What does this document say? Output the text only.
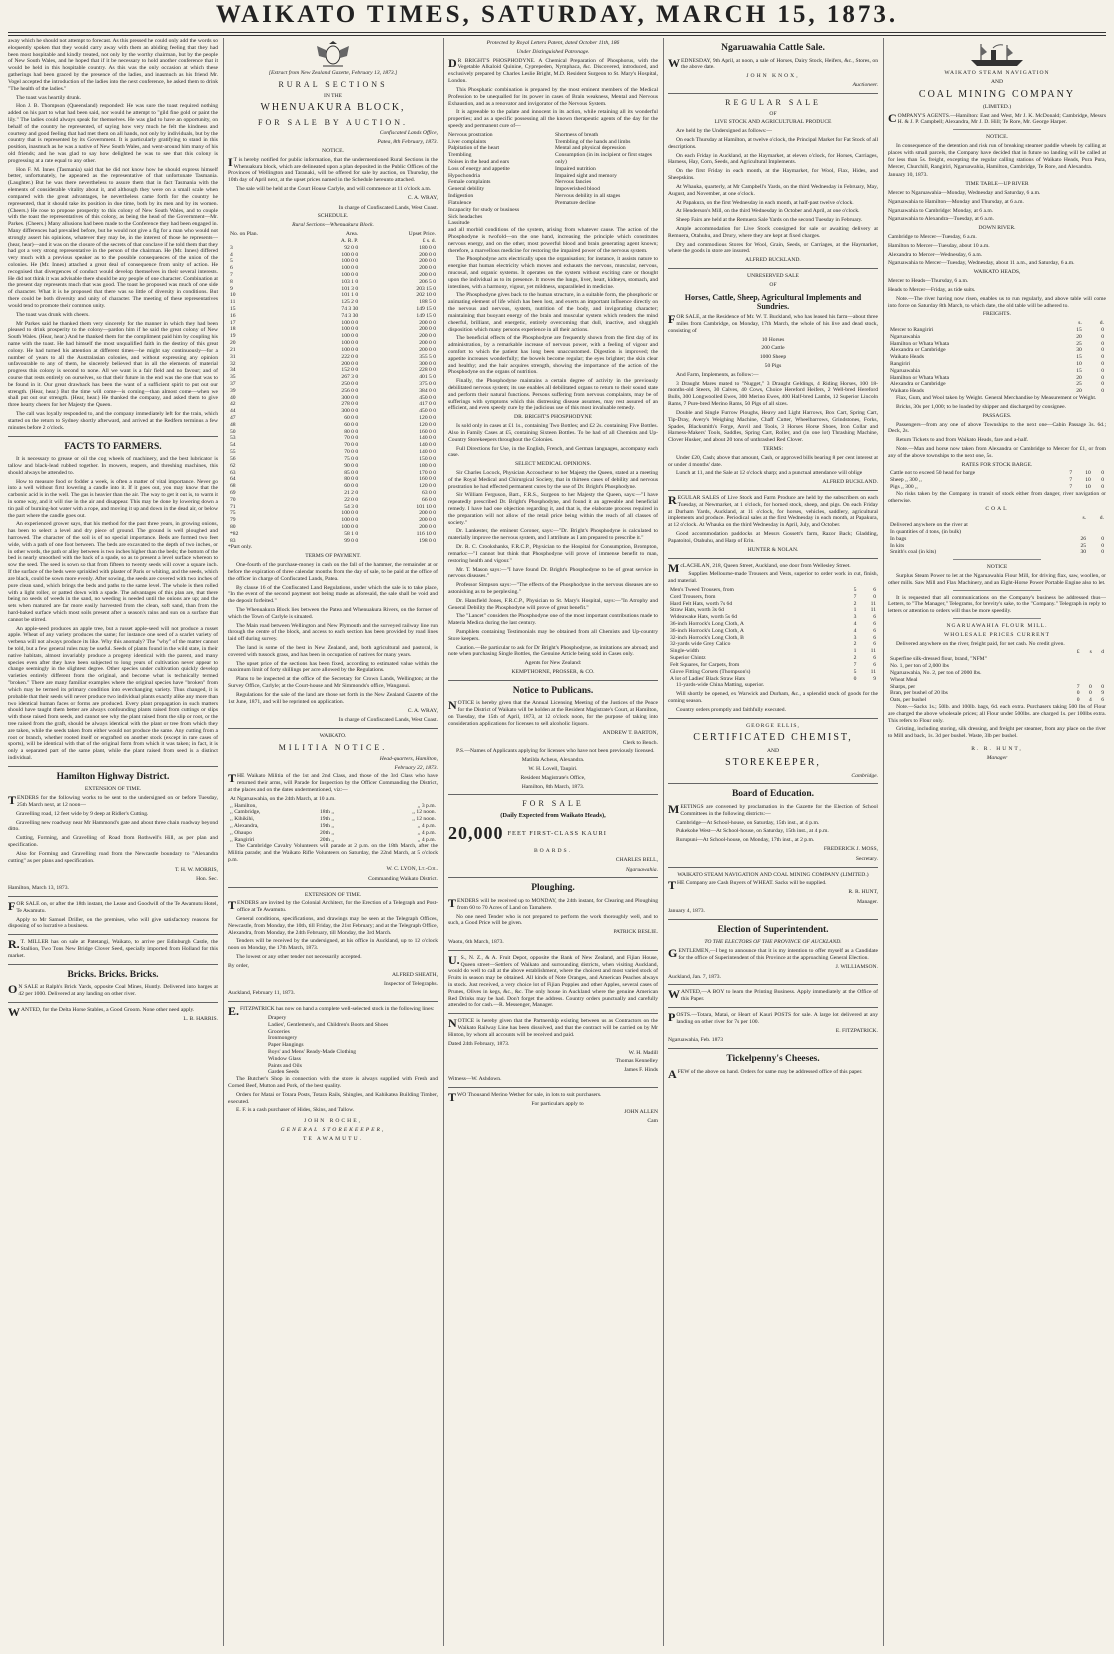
WAIKATO TIMES, SATURDAY, MARCH 15, 1873.

away which he should not attempt to forecast. As this pressed he could only add the words so eloquently spoken that they would carry away with them an abiding feeling that they had been most hospitable and kindly treated, not only by the worthy chairman, but by the people of New South Wales, and he hoped that if it be necessary to hold another conference that it would be held in this hospitable country. As this was the only occasion at which these gatherings had been graced by the presence of the ladies, and inasmuch as his friend Mr. Vogel accepted the introduction of the ladies into the next conference, he asked them to drink "The health of the ladies."

The toast was heartily drunk.

Hon J. B. Thompson (Queensland) responded: He was sure the toast required nothing added on his part to what had been said, nor would he attempt to "gild fine gold or paint the lily." The ladies could always speak for themselves. He was glad to have an opportunity, on behalf of the country he represented, of saying how very much he felt the kindness and courtesy and good feeling that had met them on all hands, not only by individuals, but by the country that is represented by its Government. It is particularly gratifying to stand in this position, inasmuch as he was a native of New South Wales, and went-around him many of his old friends; and he was glad to say how delighted he was to see that this colony is progressing at a rate equal to any other.

Hon F. M. Innes (Tasmania) said that he did not know how he should express himself better, unfortunately, he appeared as the representative of that unfortunate Tasmania. (Laughter.) But he was there nevertheless to assure them that in fact Tasmania with the elements of considerable vitality about it, and although they were on a small scale when compared with the great advantages, he nevertheless came forth for the country he represented, that it should take its position in due time, both by its men and by its women. (Cheers.) He rose to propose prosperity to this colony of New South Wales, and to couple with the toast the representatives of this colony, as being the head of the Government—Mr. Parkes. (Cheers.) Many allusions had been made to the Conference they had been engaged in. Many differences had prevailed before, but he would not give a fig for a man who would not strongly assert his opinions, whatever they may be, in the interest of those he represents—(hear, hear)—and it was on the closure of the secrets of that conclave if he told them that they had got a very strong representative in the person of the chairman. He (Mr. Innes) differed very much with a previous speaker as to the possible consequences of the union of the colonies. He (Mr. Innes) attached a great deal of consequence from unity of action. He recognised that divergences of conduct would develop themselves in their several interests. He did not think it was advisable there should be any people of one character. Combination at the present day represents much that was good. The toast he proposed was much of one side of character. What it is he proposed that there was so little of diversity in conditions. But there could be both diversity and unity of character. The meeting of these representatives would tend to promote their common unity.

The toast was drunk with cheers.

Mr Parkes said he thanked them very sincerely for the manner in which they had been pleased to drink prosperity to the colony—pardon him if he said the great colony of New South Wales. (Hear, hear.) And he thanked them for the compliment paid him by coupling his name with the toast. He had himself the most unqualified faith in the destiny of this great colony. He had turned his attention at different times—he might say continuously—for a number of years to all the Australasian colonies, and without expressing any opinion unfavourable to any of them, he sincerely believed that in all the elements of material progress this colony is second to none. All we want is a fair field and no favour; and of course that rests entirely on ourselves, so that their future in the end was the one that was to be found in it. Our great drawback has been the want of a sufficient spirit to put out our strength. (Hear, hear.) But the time will come—is coming—than almost come—when we shall put out our strength. (Hear, hear.) He thanked the company, and asked them to give three hearty cheers for her Majesty the Queen.

The call was loyally responded to, and the company immediately left for the train, which started on the return to Sydney shortly afterward, and arrived at the Redfern terminus a few minutes before 2 o'clock.

FACTS TO FARMERS.

It is necessary to grease or oil the cog wheels of machinery, and the best lubricator is tallow and black-lead rubbed together. In mowers, reapers, and threshing machines, this should always be attended to.

How to measure food or fodder a week, is often a matter of vital importance. Never go into a well without first lowering a candle into it. If it goes out, you may know that the carbonic acid is in the well. The gas is heavier than the air. The way to get it out is, to warm it in some way, and it will rise in the air and disappear. This may be done by lowering down a tin pail of burning-hot water with a rope, and moving it up and down in the dead air, or below the part where the candle goes out.

An experienced grower says, that his method for the past three years, in growing onions, has been to select a level and dry piece of ground. The ground is well ploughed and harrowed. The character of the soil is of no special importance. Beds are formed two feet wide, with a path of one foot between. The beds are excavated to the depth of two inches, or in other words, the path or alley between is two inches higher than the beds; the bottom of the bed is nearly smoothed with the back of a spade, so as to present a level surface whereon to sow the seed. The seed is sown so that from fifteen to twenty seeds will cover a square inch. If the surface of the beds were sprinkled with plaster of Paris or whiting, and the seeds, which are black, could be sown more evenly. After sowing, the seeds are covered with two inches of pure clean sand, which brings the beds and paths to the same level. The whole is then rolled with a light roller, or patted down with a spade. The advantages of this plan are, that there being no seeds of weeds in the sand, no weeding is needed until the onions are up; and the sets when matured are far more easily harvested from the clean, soft sand, than from the hard-baked surface which most soils present after a season's rains and sun on a surface that cannot be stirred.

An apple-seed produces an apple tree, but a russet apple-seed will not produce a russet apple. Wheat of any variety produces the same; for instance one seed of a scarlet variety of verbena will not always produce its like. Why this anomaly? The "why" of the matter cannot be told, but a few general rules may be useful. Seeds of plants found in the wild state, in their native habitats, almost invariably produce a progeny identical with the parent, and many species even after they have been subjected to long years of cultivation never appear to change seemingly in the slightest degree. Other species under cultivation quickly develop varieties entirely different from the original, and become what is technically termed "broken." There are many familiar examples where the original species have "broken" from which may be termed its primary condition into everchanging variety. Thus changed, it is probable that their seeds will never produce two individual plants exactly alike any more than two identical human faces or forms are produced. Every plant propagation in such matters should have taught them better are always confounding plants raised from cuttings or slips with those raised from seeds, and cannot see why the plant raised from the slip or root, or the tree raised from the graft, should be always identical with the plant or tree from which they are taken, while the seeds taken from either would not produce the same. Any cutting from a root or branch, whether rooted itself or engrafted on another stock (except in rare cases of sports), will be identical with that of the original form from which it was taken; in fact, it is only a separated part of the same plant, while the plant raised from seed is a distinct individual.

Hamilton Highway District.
EXTENSION OF TIME.

TENDERS for the following works to be sent to the undersigned on or before Tuesday, 25th March next, at 12 noon—

Gravelling road, 12 feet wide by 9 deep at Ridler's Cutting.

Gravelling new roadway near Mr Hammond's gate and about three chain roadway beyond ditto.

Cutting, Forming, and Gravelling of Road from Rothwell's Hill, as per plan and specification.

Also for Forming and Gravelling road from the Newcastle boundary to "Alexandra cutting" as per plans and specification.

T. H. W. MORRIS,
Hon. Sec.

Hamilton, March 13, 1873.

FOR SALE on, or after the 18th instant, the Lease and Goodwill of the Te Awamutu Hotel, Te Awamutu.

Apply to Mr Samuel Driller, on the premises, who will give satisfactory reasons for disposing of so lucrative a business.

R.T. MILLER has on sale at Patetangi, Waikato, to arrive per Edinburgh Castle, the Stallion, Two Tons New Bridge Clover Seed, specially imported from Holland for this market.

Bricks. Bricks. Bricks.

ON SALE at Ralph's Brick Yards, opposite Coal Mines, Huntly. Delivered into barges at 42 per 1000. Delivered at any landing on other river.

WANTED, for the Delta Horse Stables, a Good Groom. None other need apply.

L. B. HARRIS.
[Extract from New Zealand Gazette, February 13, 1873.]
RURAL SECTIONS
IN THE
WHENUAKURA BLOCK,
FOR SALE BY AUCTION.
Confiscated Lands Office,
Patea, 8th February, 1873.
NOTICE.

IT is hereby notified for public information, that the undermentioned Rural Sections in the Whenuakura block, which are delineated upon a plan deposited in the Public Offices of the Provinces of Wellington and Taranaki, will be offered for sale by auction, on Thursday, the 10th day of April next, at the upset prices named in the Schedule hereunto attached.

The sale will be held at the Court House Carlyle, and will commence at 11 o'clock a.m.

C. A. WRAY,
In charge of Confiscated Lands, West Coast.
SCHEDULE.
Rural Sections—Whenuakura Block.
No. on Plan.	Area.	Upset Price.
	A. R. P.	£ s. d.
3	92 0 0	180 0 0
4	100 0 0	200 0 0
5	100 0 0	200 0 0
6	100 0 0	200 0 0
7	100 0 0	200 0 0
8	103 1 0	206 5 0
9	101 3 0	203 15 0
10	101 1 0	202 10 0
11	125 2 0	188 5 0
15	74 3 30	149 15 0
16	74 3 30	149 15 0
17	100 0 0	200 0 0
18	100 0 0	200 0 0
19	100 0 0	200 0 0
20	100 0 0	200 0 0
21	100 0 0	200 0 0
31	222 0 0	355 5 0
32	200 0 0	300 0 0
34	152 0 0	228 0 0
35	267 3 0	401 5 0
37	250 0 0	375 0 0
39	256 0 0	384 0 0
40	300 0 0	450 0 0
42	278 0 0	417 0 0
44	300 0 0	450 0 0
47	60 0 0	120 0 0
48	60 0 0	120 0 0
50	80 0 0	160 0 0
53	70 0 0	140 0 0
54	70 0 0	140 0 0
55	70 0 0	140 0 0
56	75 0 0	150 0 0
62	90 0 0	180 0 0
63	85 0 0	170 0 0
64	80 0 0	160 0 0
68	60 0 0	120 0 0
69	21 2 0	63 0 0
70	22 0 0	66 0 0
71	54 3 0	101 10 0
75	100 0 0	200 0 0
79	100 0 0	200 0 0
80	100 0 0	200 0 0
*82	58 1 0	116 10 0
83	99 0 0	198 0 0
*Part only.
TERMS OF PAYMENT.

One-fourth of the purchase-money in cash on the fall of the hammer, the remainder at or before the expiration of three calendar months from the day of sale, to be paid at the office of the officer in charge of Confiscated Lands, Patea.

By clause 16 of the Confiscated Land Regulations, under which the sale is to take place, "In the event of the second payment not being made as aforesaid, the sale shall be void and the deposit forfeited."

The Whenuakura Block lies between the Patea and Whenuakura Rivers, on the former of which the Town of Carlyle is situated.

The Main road between Wellington and New Plymouth and the surveyed railway line run through the centre of the block, and access to each section has been provided by road lines laid off during survey.

The land is some of the best in New Zealand, and, both agricultural and pastoral, is covered with tussock grass, and has been in occupation of natives for many years.

The upset price of the sections has been fixed, according to estimated value within the maximum limit of forty shillings per acre allowed by the Regulations.

Plans to be inspected at the office of the Secretary for Crown Lands, Wellington; at the Survey Office, Carlyle; at the Court-house and Mr Simmonds's office, Wanganui.

Regulations for the sale of the land are those set forth in the New Zealand Gazette of the 1st June, 1871, and will be reprinted on application.

C. A. WRAY,
In charge of Confiscated Lands, West Coast.
WAIKATO.
MILITIA NOTICE.
Head-quarters, Hamilton,
February 22, 1873.

THE Waikato Militia of the 1st and 2nd Class, and those of the 3rd Class who have returned their arms, will Parade for Inspection by the Officer Commanding the District, at the places and on the dates undermentioned, viz:—

At Ngaruawahia, on the 24th March, at 10 a.m.		
,, Hamilton,		,, 3 p.m.
,, Cambridge,	18th ,,	,, 12 noon.
,, Kihikihi,	19th ,,	,, 12 noon.
,, Alexandra,	19th ,,	,, 4 p.m.
,, Ohaupo	20th ,,	,, 4 p.m.
,, Rangiriri	20th ,,	,, 4 p.m.

The Cambridge Cavalry Volunteers will parade at 2 p.m. on the 18th March, after the Militia parade; and the Waikato Rifle Volunteers on Saturday, the 22nd March, at 5 o'clock p.m.

W. C. LYON, Lt.-Col.
Commanding Waikato District.
EXTENSION OF TIME.

TENDERS are invited by the Colonial Architect, for the Erection of a Telegraph and Post-office at Te Awamutu.

General conditions, specifications, and drawings may be seen at the Telegraph Offices, Newcastle, from Monday, the 10th, till Friday, the 21st February; and at the Telegraph Office, Alexandra, from Monday, the 24th February, till Monday, the 3rd March.

Tenders will be received by the undersigned, at his office in Auckland, up to 12 o'clock noon on Monday, the 17th March, 1873.

The lowest or any other tender not necessarily accepted.

By order,
ALFRED SHEATH,
Inspector of Telegraphs.
Auckland, February 11, 1873.

E.FITZPATRICK has now on hand a complete well-selected stock in the following lines:

Drapery
Ladies', Gentlemen's, and Children's Boots and Shoes
Groceries
Ironmongery
Paper Hangings
Boys' and Mens' Ready-Made Clothing
Window Glass
Paints and Oils
Garden Seeds

The Butcher's Shop in connection with the store is always supplied with Fresh and Corned Beef, Mutton and Pork, of the best quality.

Orders for Matai or Totara Posts, Totara Rails, Shingles, and Kahikatea Building Timber, executed.

E. F. is a cash purchaser of Hides, Skins, and Tallow.

JOHN ROCHE,
GENERAL STOREKEEPER,
TE AWAMUTU.
Protected by Royal Letters Patent, dated October 11th, 186
Under Distinguished Patronage.

DR BRIGHT'S PHOSPHODYNE. A Chemical Preparation of Phosphorus, with the Vegetable Alkaloid Quinine, Cyprepeden, Nymphaca, &c. Discovered, introduced, and exclusively prepared by Charles Leslie Bright, M.D. Resident Surgeon to St. Mary's Hospital, London.

This Phosphatic combination is prepared by the most eminent members of the Medical Profession to be unequalled for its power in cases of Brain weakness, Mental and Nervous Exhaustion, and as a renovator and invigorator of the Nervous System.

It is agreeable to the palate and innocent in its action, while retaining all its wonderful properties; and as a specific possessing all the known therapeutic agents of the day for the speedy and permanent cure of—

Nervous prostration
Liver complaints
Palpitation of the heart
Trembling
Noises in the head and ears
Loss of energy and appetite
Hypochondria
Female complaints
General debility
Indigestion
Flatulence
Incapacity for study or business
Sick headaches
Lassitude
Shortness of breath
Trembling of the hands and limbs
Mental and physical depression
Consumption (in its incipient or first stages only)
Impaired nutrition
Impaired sight and memory
Nervous fancies
Impoverished blood
Nervous debility in all stages
Premature decline

and all morbid conditions of the system, arising from whatever cause. The action of the Phosphodyne is twofold—on the one hand, increasing the principle which constitutes nervous energy, and on the other, most powerful blood and brain generating agent known; therefore, a marvellous medicine for restoring the impaired power of the nervous system.

The Phosphodyne acts electrically upon the organisation; for instance, it assists nature to energise that human electricity which moves and exhausts the nervous, muscular, nervous, mucosal, and organic systems. It operates on the system without exciting care or thought upon the individual as to its presence. It moves the lungs, liver, heart, kidneys, stomach, and intestines, with a harmony, vigour, yet mildness, unparalleled in medicine.

The Phosphodyne gives back to the human structure, in a suitable form, the phosphoric or animating element of life which has been lost, and exerts an important influence directly on the nervous and nervous, system, nutrition of the body, and invigorating character; maintaining that buoyant energy of the brain and muscular system which renders the mind cheerful, brilliant, and energetic, entirely overcoming that dull, inactive, and sluggish disposition which many persons experience in all their actions.

The beneficial effects of the Phosphodyne are frequently shown from the first day of its administration, by a remarkable increase of nervous power, with a feeling of vigour and comfort to which the patient has long been unaccustomed. Digestion is improved; the appetite increases wonderfully; the bowels become regular; the eyes brighter; the skin clear and healthy; and the hair acquires strength, showing the importance of the action of the Phosphodyne on the organs of nutrition.

Finally, the Phosphodyne maintains a certain degree of activity in the previously debilitated nervous system; its use enables all debilitated organs to return to their sound state and perform their natural functions. Persons suffering from nervous complaints, may be of sufferings with symptoms which this distressing disease assumes, may rest assured of an efficient, and even speedy cure by the judicious use of this most invaluable remedy.

DR. BRIGHT'S PHOSPHODYNE

Is sold only in cases at £1 1s., containing Two Bottles; and £2 2s. containing Five Bottles. Also in Family Cases at £5, containing Sixteen Bottles. To be had of all Chemists and Up-Country Storekeepers throughout the Colonies.

Full Directions for Use, in the English, French, and German languages, accompany each case.

SELECT MEDICAL OPINIONS.

Sir Charles Locock, Physician Accoucheur to her Majesty the Queen, stated at a meeting of the Royal Medical and Chirurgical Society, that in thirteen cases of debility and nervous prostration he had effected permanent cures by the use of Dr. Bright's Phosphodyne.

Sir William Ferguson, Bart., F.R.S., Surgeon to her Majesty the Queen, says:—"I have repeatedly prescribed Dr. Bright's Phosphodyne, and found it an agreeable and beneficial remedy. I have had one objection regarding it, and that is, the elaborate process required in the preparation will not allow of the retail price being within the reach of all classes of society."

Dr. Lankester, the eminent Coroner, says:—"Dr. Bright's Phosphodyne is calculated to materially improve the nervous system, and I attribute as I am prepared to prescribe it."

Dr. R. C. Crookshanks, F.R.C.P., Physician to the Hospital for Consumption, Brompton, remarks:—"I cannot but think that Phosphodyne will prove of immense benefit to man, restoring health and vigour."

Mr. T. Mason says:—"I have found Dr. Bright's Phosphodyne to be of great service in nervous diseases."

Professor Simpson says:—"The effects of the Phosphodyne in the nervous diseases are so astonishing as to be perplexing."

Dr. Hansfield Jones, F.R.C.P., Physician to St. Mary's Hospital, says:—"In Atrophy and General Debility the Phosphodyne will prove of great benefit."

The "Lancet" considers the Phosphodyne one of the most important contributions made to Materia Medica during the last century.

Pamphlets containing Testimonials may be obtained from all Chemists and Up-country Store keepers.

Caution.—Be particular to ask for Dr Bright's Phosphodyne, as imitations are abroad; and note when purchasing Single Bottles, the Genuine Article being sold in Cases only.

Agents for New Zealand:
KEMPTHORNE, PROSSER, & CO.
Notice to Publicans.

NOTICE is hereby given that the Annual Licensing Meeting of the Justices of the Peace for the District of Waikato will be holden at the Resident Magistrate's Court, at Hamilton, on Tuesday, the 15th of April, 1873, at 12 o'clock noon, for the purpose of taking into consideration applications for licenses to sell alcoholic liquors.

ANDREW T. BARTON,
Clerk to Bench.

P.S.—Names of Applicants applying for licenses who have not been previously licensed.

Matilda Acheus, Alexandra.
W. H. Lovell, Taupiri.
Resident Magistrate's Office,
Hamilton, 8th March, 1873.
FOR SALE
(Daily Expected from Waikato Heads),
20,000 FEET FIRST-CLASS KAURI
BOARDS.
CHARLES BELL,
Ngaruawahia.
Ploughing.

TENDERS will be received up to MONDAY, the 24th instant, for Clearing and Ploughing from 60 to 70 Acres of Land on Tamahere.

No one need Tender who is not prepared to perform the work thoroughly well, and to such, a Good Price will be given.

PATRICK BESLIE.
Waotu, 6th March, 1873.

U.S., N. Z., & A. Fruit Depot, opposite the Bank of New Zealand, and Fijian House, Queen street—Settlers of Waikato and surrounding districts, when visiting Auckland, would do well to call at the above establishment, where the choicest and most varied stock of Fruits in season may be obtained. All kinds of Note Oranges, and American Peaches always in stock. Just received, a very choice lot of Fijian Poppies and other Apples, several cases of Prunes, Olives in kegs, &c., &c. The only house in Auckland where the genuine American Red Drinks may be had. Don't forget the address. Country orders punctually and carefully attended to for cash.—R. Messenger, Manager.

NOTICE is hereby given that the Partnership existing between us as Contractors on the Waikato Railway Line has been dissolved, and that the contract will be carried on by Mr Hinton, by whom all accounts will be received and paid.

Dated 24th February, 1873.
W. H. Madill
Thomas Kennelley
James F. Hinds
Witness—W. Ashdown.

TWO Thousand Merino Wether for sale, in lots to suit purchasers.

For particulars apply to
JOHN ALLEN
Cam
Ngaruawahia Cattle Sale.

WEDNESDAY, 9th April, at noon, a sale of Horses, Dairy Stock, Heifers, &c., Stores, on the above date.

JOHN KNOX,
Auctioneer.
REGULAR SALE
OF
LIVE STOCK AND AGRICULTURAL PRODUCE

Are held by the Undersigned as follows:—

On each Thursday at Hamilton, at twelve o'clock, the Principal Market for Fat Stock of all descriptions.

On each Friday in Auckland, at the Haymarket, at eleven o'clock, for Horses, Carriages, Harness, Hay, Corn, Seeds, and Agricultural Implements.

On the first Friday in each month, at the Haymarket, for Wool, Flax, Hides, and Sheepskins.

At Whauka, quarterly, at Mr Campbell's Yards, on the third Wednesday in February, May, August, and November, at one o'clock.

At Papakura, on the first Wednesday in each month, at half-past twelve o'clock.

At Henderson's Mill, on the third Wednesday in October and April, at one o'clock.

Sheep Fairs are held at the Remuera Sale Yards on the second Tuesday in February.

Ample accommodation for Live Stock consigned for sale or awaiting delivery at Remuera, Otahuhu, and Drury, where they are kept at fixed charges.

Dry and commodious Stores for Wool, Grain, Seeds, or Carriages, at the Haymarket, where the goods in store are insured.

ALFRED BUCKLAND.
UNRESERVED SALE
OF
Horses, Cattle, Sheep, Agricultural Implements and Sundries.

FOR SALE, at the Residence of Mr. W. T. Buckland, who has leased his farm—about three miles from Cambridge, on Monday, 17th March, the whole of his live and dead stock, consisting of

10 Horses
200 Cattle
1000 Sheep
50 Pigs

And Farm, Implements, as follow:—

3 Draught Mares mated to "Nugget," 3 Draught Geldings, 4 Riding Horses, 100 18-months-old Steers, 30 Calves, 40 Cows, Choice Hereford Heifers, 2 Well-bred Hereford Bulls, 300 Longwoolled Ewes, 300 Merino Ewes, 400 Half-bred Lambs, 12 Superior Lincoln Rams, 7 Pure-bred Merino Rams, 50 Pigs of all sizes.

Double and Single Furrow Ploughs, Heavy and Light Harrows, Box Cart, Spring Cart, Tip-Dray, Avery's Weighing Machine, Chaff Cutter, Wheelbarrows, Grindstones, Forks, Spades, Blacksmith's Forge, Anvil and Tools, 3 Horses Horse Shoes, Iron Collar and Harness-Makers' Tools, Saddles, Spring Cart, Roller, and (in one lot) Thrashing Machine, Clover Husker, and about 20 tons of unthrashed Red Clover.

TERMS:

Under £20, Cash; above that amount, Cash, or approved bills bearing 8 per cent interest at or under 4 months' date.

Lunch at 11, and the Sale at 12 o'clock sharp; and a punctual attendance will oblige

ALFRED BUCKLAND.

REGULAR SALES of Live Stock and Farm Produce are held by the subscribers on each Tuesday, at Newmarket, at 1 o'clock, for horned stock, sheep, and pigs. On each Friday at Durham Yards, Auckland, at 11 o'clock, for horses, vehicles, saddlery, agricultural implements and produce. Periodical sales at the first Wednesday in each month, at Papakura, at 12 o'clock. At Whauka on the third Wednesday in April, July, and October.

Good accommodation paddocks at Messrs Gossett's farm, Razor Back; Gladding, Papatoitoi, Otahuhu, and Harp of Erin.

HUNTER & NOLAN.

McLACHLAN, 218, Queen Street, Auckland, one door from Wellesley Street.

Supplies Mellourne-made Trousers and Vests, superior to order work in cut, finish, and material.

Men's Tweed Trousers, from	5	6
Cord Trousers, from	7	0
Hard Felt Hats, worth 7s 6d	2	11
Straw Hats, worth 3s 6d	1	11
Wideawake Hats, worth 5s 6d	3	6
36-inch Horrock's Long Cloth, A	4	6
36-inch Horrock's Long Cloth, A	4	6
32-inch Horrock's Long Cloth, B	3	6
32-yards wide Grey Calico	2	6
Single-width	1	11
Superior Chintz	2	6
Felt Squares, for Carpets, from	7	6
Glove Fitting Corsets (Thompson's)	5	11
A lot of Ladies' Black Straw Hats	0	9

11-yards-wide China Matting, superior.

Will shortly be opened, ex Warwick and Durham, &c., a splendid stock of goods for the coming season.

Country orders promptly and faithfully executed.

GEORGE ELLIS,
CERTIFICATED CHEMIST,
AND
STOREKEEPER,
Cambridge.
Board of Education.

MEETINGS are convened by proclamation in the Gazette for the Election of School Committees in the following districts:—

Cambridge—At School-house, on Saturday, 15th inst., at 4 p.m.

Pukekohe West—At School-house, on Saturday, 15th inst., at 4 p.m.

Rurupuni—At School-house, on Monday, 17th inst., at 2 p.m.

FREDERICK J. MOSS,
Secretary.
WAIKATO STEAM NAVIGATION AND COAL MINING COMPANY (LIMITED.)

THE Company are Cash Buyers of WHEAT. Sacks will be supplied.

R. R. HUNT,
Manager.
January 4, 1873.
Election of Superintendent.
TO THE ELECTORS OF THE PROVINCE OF AUCKLAND.

GENTLEMEN,—I beg to announce that it is my intention to offer myself as a Candidate for the office of Superintendent of this Province at the approaching General Election.

J. WILLIAMSON.
Auckland, Jan. 7, 1873.

WANTED,—A BOY to learn the Printing Business. Apply immediately at the Office of this Paper.

POSTS.—Totara, Matai, or Heart of Kauri POSTS for sale. A large lot delivered at any landing on other river for 7s per 100.

E. FITZPATRICK.
Ngaruawahia, Feb. 1873
Tickelpenny's Cheeses.

AFEW of the above on hand. Orders for same may be addressed office of this paper.

WAIKATO STEAM NAVIGATION
AND
COAL MINING COMPANY
(LIMITED.)

COMPANY'S AGENTS.—Hamilton: East and West, Mr J. K. McDonald; Cambridge, Messrs H. & J. P. Campbell; Alexandra, Mr J. D. Hill; Te Rore, Mr. George Harper.

NOTICE.

In consequence of the detention and risk run of breaking steamer paddle wheels by calling at places with small parcels, the Company have decided that in future no landing will be called at for less than 5s. freight, excepting the regular calling stations of Waikato Heads, Pura Pura, Mercer, Churchill, Rangiriri, Ngaruawahia, Hamilton, Cambridge, Te Rore, and Alexandra.

January 10, 1873.
TIME TABLE—UP RIVER

Mercer to Ngaruawahia—Monday, Wednesday and Saturday, 6 a.m.

Ngaruawahia to Hamilton—Monday and Thursday, at 6 a.m.

Ngaruawahia to Cambridge: Monday, at 6 a.m.

Ngaruawahia to Alexandra—Tuesday, at 6 a.m.

DOWN RIVER.

Cambridge to Mercer—Tuesday, 6 a.m.

Hamilton to Mercer—Tuesday, about 10 a.m.

Alexandra to Mercer—Wednesday, 6 a.m.

Ngaruawahia to Mercer—Tuesday, Wednesday, about 11 a.m., and Saturday, 6 a.m.

WAIKATO HEADS,

Mercer to Heads—Thursday, 6 a.m.

Heads to Mercer—Friday, as tide suits.

Note.—The river having now risen, enables us to run regularly, and above table will come into force on Saturday 8th March, to which date, the old table will be adhered to.

FREIGHTS.
	s.	d.
Mercer to Rangiriri	15	0
Ngaruawahia	20	0
Hamilton or Whata Whata	25	0
Alexandra or Cambridge	30	0
Waikato Heads	15	0
Rangiriri	10	0
Ngaruawahia	15	0
Hamilton or Whata Whata	20	0
Alexandra or Cambridge	25	0
Waikato Heads	20	0

Flax, Gum, and Wool taken by Weight. General Merchandise by Measurement or Weight.

Bricks, 30s per 1,000; to be loaded by shipper and discharged by consignee.

PASSAGES.

Passengers—from any one of above Townships to the next one—Cabin Passage 3s. 6d.; Deck, 2s.

Return Tickets to and from Waikato Heads, fare and a-half.

Note.—Man and horse now taken from Alexandra or Cambridge to Mercer for £1, or from any of the above townships to the next one, 5s.

RATES FOR STOCK BARGE.
Cattle not to exceed 50 head for barge	7	10	0
Sheep ,, 300 ,,	7	10	0
Pigs ,, 300 ,,	7	10	0

No risks taken by the Company in transit of stock either from danger, river navigation or otherwise.

COAL
	s.	d.
Delivered anywhere on the river at		
In quantities of 4 tons, (in bulk)		
In bags	26	0
In kits	25	0
Smith's coal (in kits)	30	0
NOTICE

Surplus Steam Power to let at the Ngaruawahia Flour Mill, for driving flax, saw, woollen, or other mills. Saw Mill and Flax Machinery, and an Eight-Horse Power Portable Engine also to let.

It is requested that all communications on the Company's business be addressed thus—Letters, to "The Manager," Telegrams, for brevity's sake, to the "Company." Telegraph in reply to letters or attention to orders will thus be more speedily.

NGARUAWAHIA FLOUR MILL.
WHOLESALE PRICES CURRENT

Delivered anywhere on the river, freight paid, for net cash. No credit given.

	£	s	d
Superfine silk-dressed flour, brand, "NFM"			
No. 1, per ton of 2,000 lbs			
Ngaruawahia, No. 2, per ton of 2000 lbs.			
Wheat Meal			
Sharps, per	7	0	0
Bran, per bushel of 20 lbs	0	0	9
Oats, per bushel	0	4	6

Note.—Sacks 1s.; 50lb. and 100lb. bags, 6d. each extra. Purchasers taking 500 lbs of Flour are charged the above wholesale prices; all Flour under 500lbs. are charged 1s. per 100lbs extra. This refers to Flour only.

Gristing, including storing, silk dressing, and freight per steamer, from any place on the river to Mill and back, 1s. 3d per bushel. Waste, 3lb per bushel.

R. R. HUNT,
Manager
